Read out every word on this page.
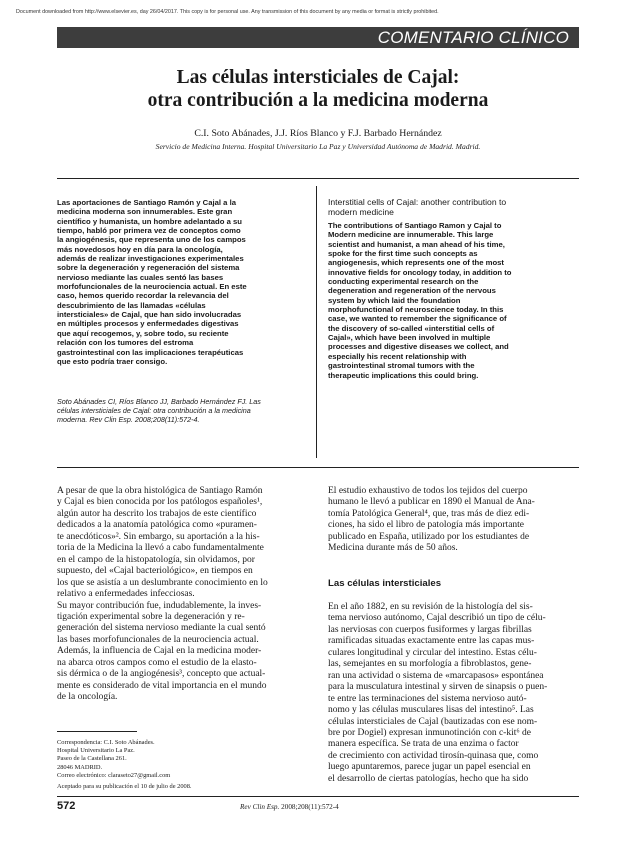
Document downloaded from http://www.elsevier.es, day 26/04/2017. This copy is for personal use. Any transmission of this document by any media or format is strictly prohibited.
COMENTARIO CLÍNICO
Las células intersticiales de Cajal:
otra contribución a la medicina moderna
C.I. Soto Abánades, J.J. Ríos Blanco y F.J. Barbado Hernández
Servicio de Medicina Interna. Hospital Universitario La Paz y Universidad Autónoma de Madrid. Madrid.
Las aportaciones de Santiago Ramón y Cajal a la
medicina moderna son innumerables. Este gran
científico y humanista, un hombre adelantado a su
tiempo, habló por primera vez de conceptos como
la angiogénesis, que representa uno de los campos
más novedosos hoy en día para la oncología,
además de realizar investigaciones experimentales
sobre la degeneración y regeneración del sistema
nervioso mediante las cuales sentó las bases
morfofuncionales de la neurociencia actual. En este
caso, hemos querido recordar la relevancia del
descubrimiento de las llamadas «células
intersticiales» de Cajal, que han sido involucradas
en múltiples procesos y enfermedades digestivas
que aquí recogemos, y, sobre todo, su reciente
relación con los tumores del estroma
gastrointestinal con las implicaciones terapéuticas
que esto podría traer consigo.
Interstitial cells of Cajal: another contribution to
modern medicine
The contributions of Santiago Ramon y Cajal to
Modern medicine are innumerable. This large
scientist and humanist, a man ahead of his time,
spoke for the first time such concepts as
angiogenesis, which represents one of the most
innovative fields for oncology today, in addition to
conducting experimental research on the
degeneration and regeneration of the nervous
system by which laid the foundation
morphofunctional of neuroscience today. In this
case, we wanted to remember the significance of
the discovery of so-called «interstitial cells of
Cajal», which have been involved in multiple
processes and digestive diseases we collect, and
especially his recent relationship with
gastrointestinal stromal tumors with the
therapeutic implications this could bring.
Soto Abánades CI, Ríos Blanco JJ, Barbado Hernández FJ. Las
células intersticiales de Cajal: otra contribución a la medicina
moderna. Rev Clin Esp. 2008;208(11):572-4.
A pesar de que la obra histológica de Santiago Ramón
y Cajal es bien conocida por los patólogos españoles¹,
algún autor ha descrito los trabajos de este científico
dedicados a la anatomía patológica como «puramen-
te anecdóticos»². Sin embargo, su aportación a la his-
toria de la Medicina la llevó a cabo fundamentalmente
en el campo de la histopatología, sin olvidamos, por
supuesto, del «Cajal bacteriológico», en tiempos en
los que se asistía a un deslumbrante conocimiento en lo
relativo a enfermedades infecciosas.
Su mayor contribución fue, indudablemente, la inves-
tigación experimental sobre la degeneración y re-
generación del sistema nervioso mediante la cual sentó
las bases morfofuncionales de la neurociencia actual.
Además, la influencia de Cajal en la medicina moder-
na abarca otros campos como el estudio de la elasto-
sis dérmica o de la angiogénesis³, concepto que actual-
mente es considerado de vital importancia en el mundo
de la oncología.
El estudio exhaustivo de todos los tejidos del cuerpo
humano le llevó a publicar en 1890 el Manual de Ana-
tomía Patológica General⁴, que, tras más de diez edi-
ciones, ha sido el libro de patología más importante
publicado en España, utilizado por los estudiantes de
Medicina durante más de 50 años.
Las células intersticiales
En el año 1882, en su revisión de la histología del sis-
tema nervioso autónomo, Cajal describió un tipo de célu-
las nerviosas con cuerpos fusiformes y largas fibrillas
ramificadas situadas exactamente entre las capas mus-
culares longitudinal y circular del intestino. Estas célu-
las, semejantes en su morfología a fibroblastos, gene-
ran una actividad o sistema de «marcapasos» espontánea
para la musculatura intestinal y sirven de sinapsis o puen-
te entre las terminaciones del sistema nervioso autó-
nomo y las células musculares lisas del intestino⁵. Las
células intersticiales de Cajal (bautizadas con ese nom-
bre por Dogiel) expresan inmunotinción con c-kit⁶ de
manera específica. Se trata de una enzima o factor
de crecimiento con actividad tirosín-quinasa que, como
luego apuntaremos, parece jugar un papel esencial en
el desarrollo de ciertas patologías, hecho que ha sido
Correspondencia: C.I. Soto Abánades.
Hospital Universitario La Paz.
Paseo de la Castellana 261.
28046 MADRID.
Correo electrónico: claraseto27@gmail.com
Aceptado para su publicación el 10 de julio de 2008.
572	Rev Clin Esp. 2008;208(11):572-4
